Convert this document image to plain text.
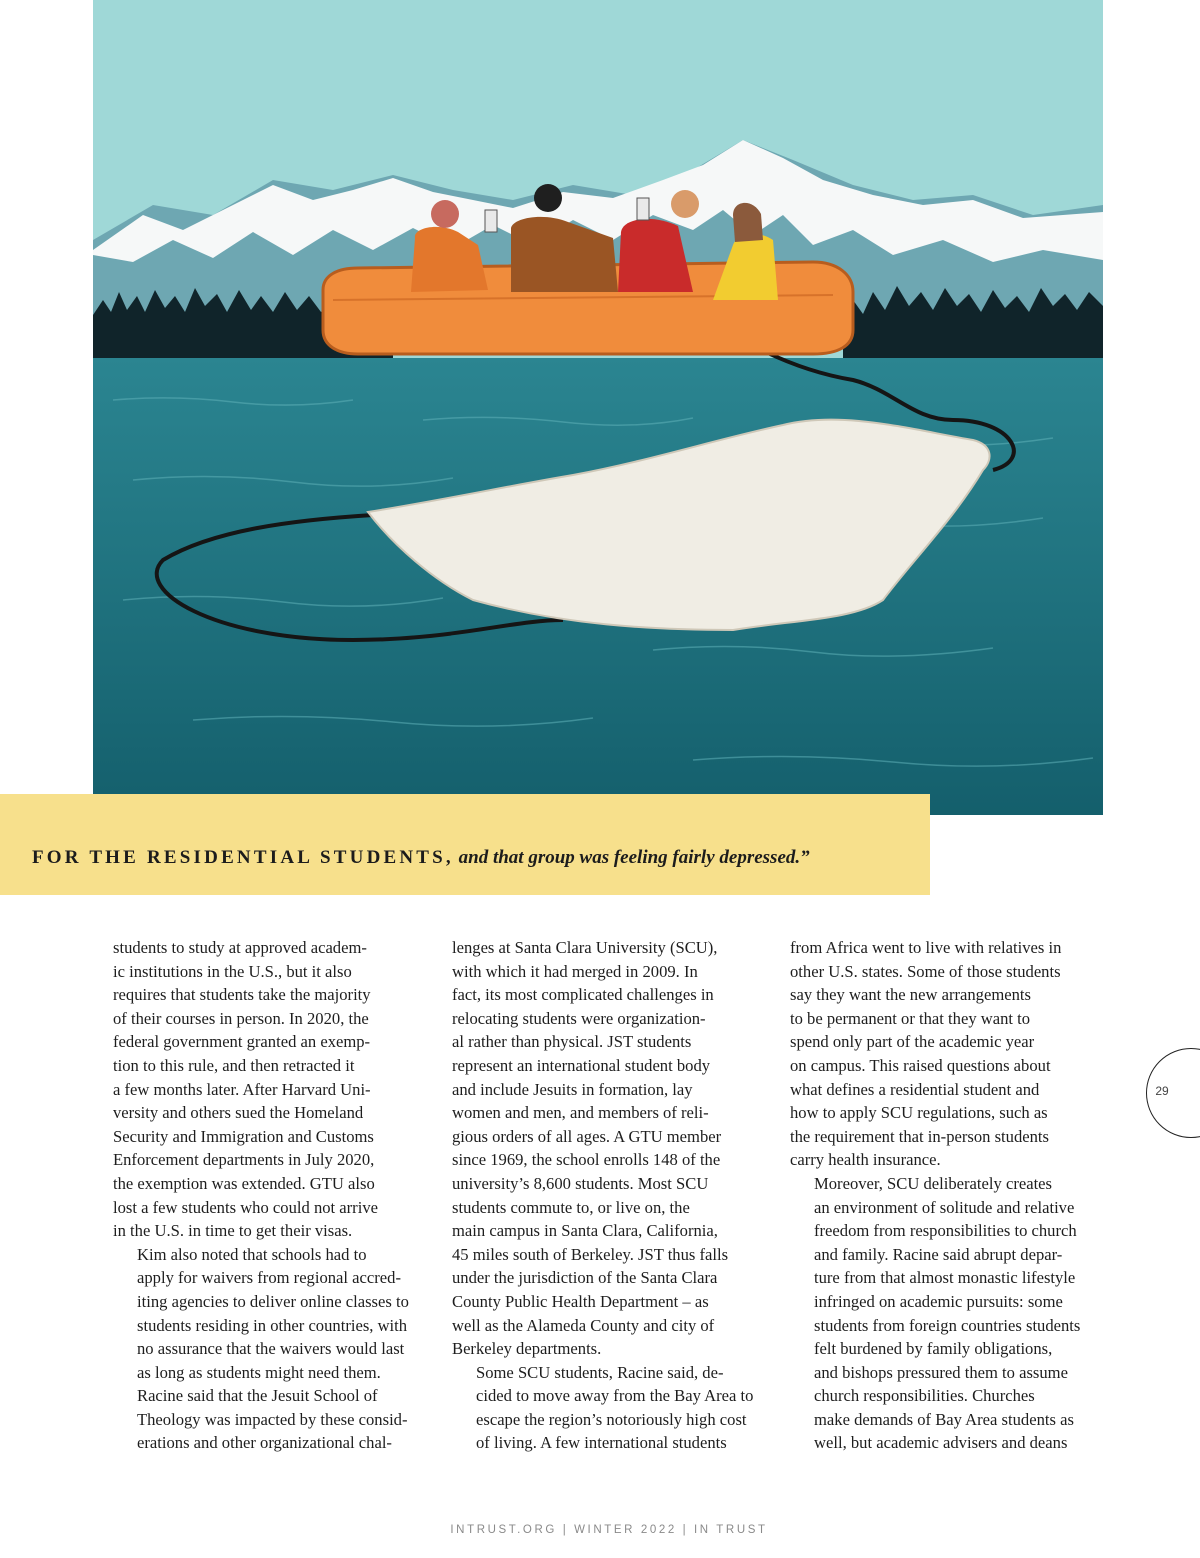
FOR THE RESIDENTIAL STUDENTS, and that group was feeling fairly depressed.”

students to study at approved academ-
ic institutions in the U.S., but it also
requires that students take the majority
of their courses in person. In 2020, the
federal government granted an exemp-
tion to this rule, and then retracted it
a few months later. After Harvard Uni-
versity and others sued the Homeland
Security and Immigration and Customs
Enforcement departments in July 2020,
the exemption was extended. GTU also
lost a few students who could not arrive
in the U.S. in time to get their visas.

Kim also noted that schools had to
apply for waivers from regional accred-
iting agencies to deliver online classes to
students residing in other countries, with
no assurance that the waivers would last
as long as students might need them.

Racine said that the Jesuit School of
Theology was impacted by these consid-
erations and other organizational chal-

lenges at Santa Clara University (SCU),
with which it had merged in 2009. In
fact, its most complicated challenges in
relocating students were organization-
al rather than physical. JST students
represent an international student body
and include Jesuits in formation, lay
women and men, and members of reli-
gious orders of all ages. A GTU member
since 1969, the school enrolls 148 of the
university’s 8,600 students. Most SCU
students commute to, or live on, the
main campus in Santa Clara, California,
45 miles south of Berkeley. JST thus falls
under the jurisdiction of the Santa Clara
County Public Health Department – as
well as the Alameda County and city of
Berkeley departments.

Some SCU students, Racine said, de-
cided to move away from the Bay Area to
escape the region’s notoriously high cost
of living. A few international students

from Africa went to live with relatives in
other U.S. states. Some of those students
say they want the new arrangements
to be permanent or that they want to
spend only part of the academic year
on campus. This raised questions about
what defines a residential student and
how to apply SCU regulations, such as
the requirement that in-person students
carry health insurance.

Moreover, SCU deliberately creates
an environment of solitude and relative
freedom from responsibilities to church
and family. Racine said abrupt depar-
ture from that almost monastic lifestyle
infringed on academic pursuits: some
students from foreign countries students
felt burdened by family obligations,
and bishops pressured them to assume
church responsibilities. Churches
make demands of Bay Area students as
well, but academic advisers and deans

29
INTRUST.ORG | WINTER 2022 | IN TRUST
